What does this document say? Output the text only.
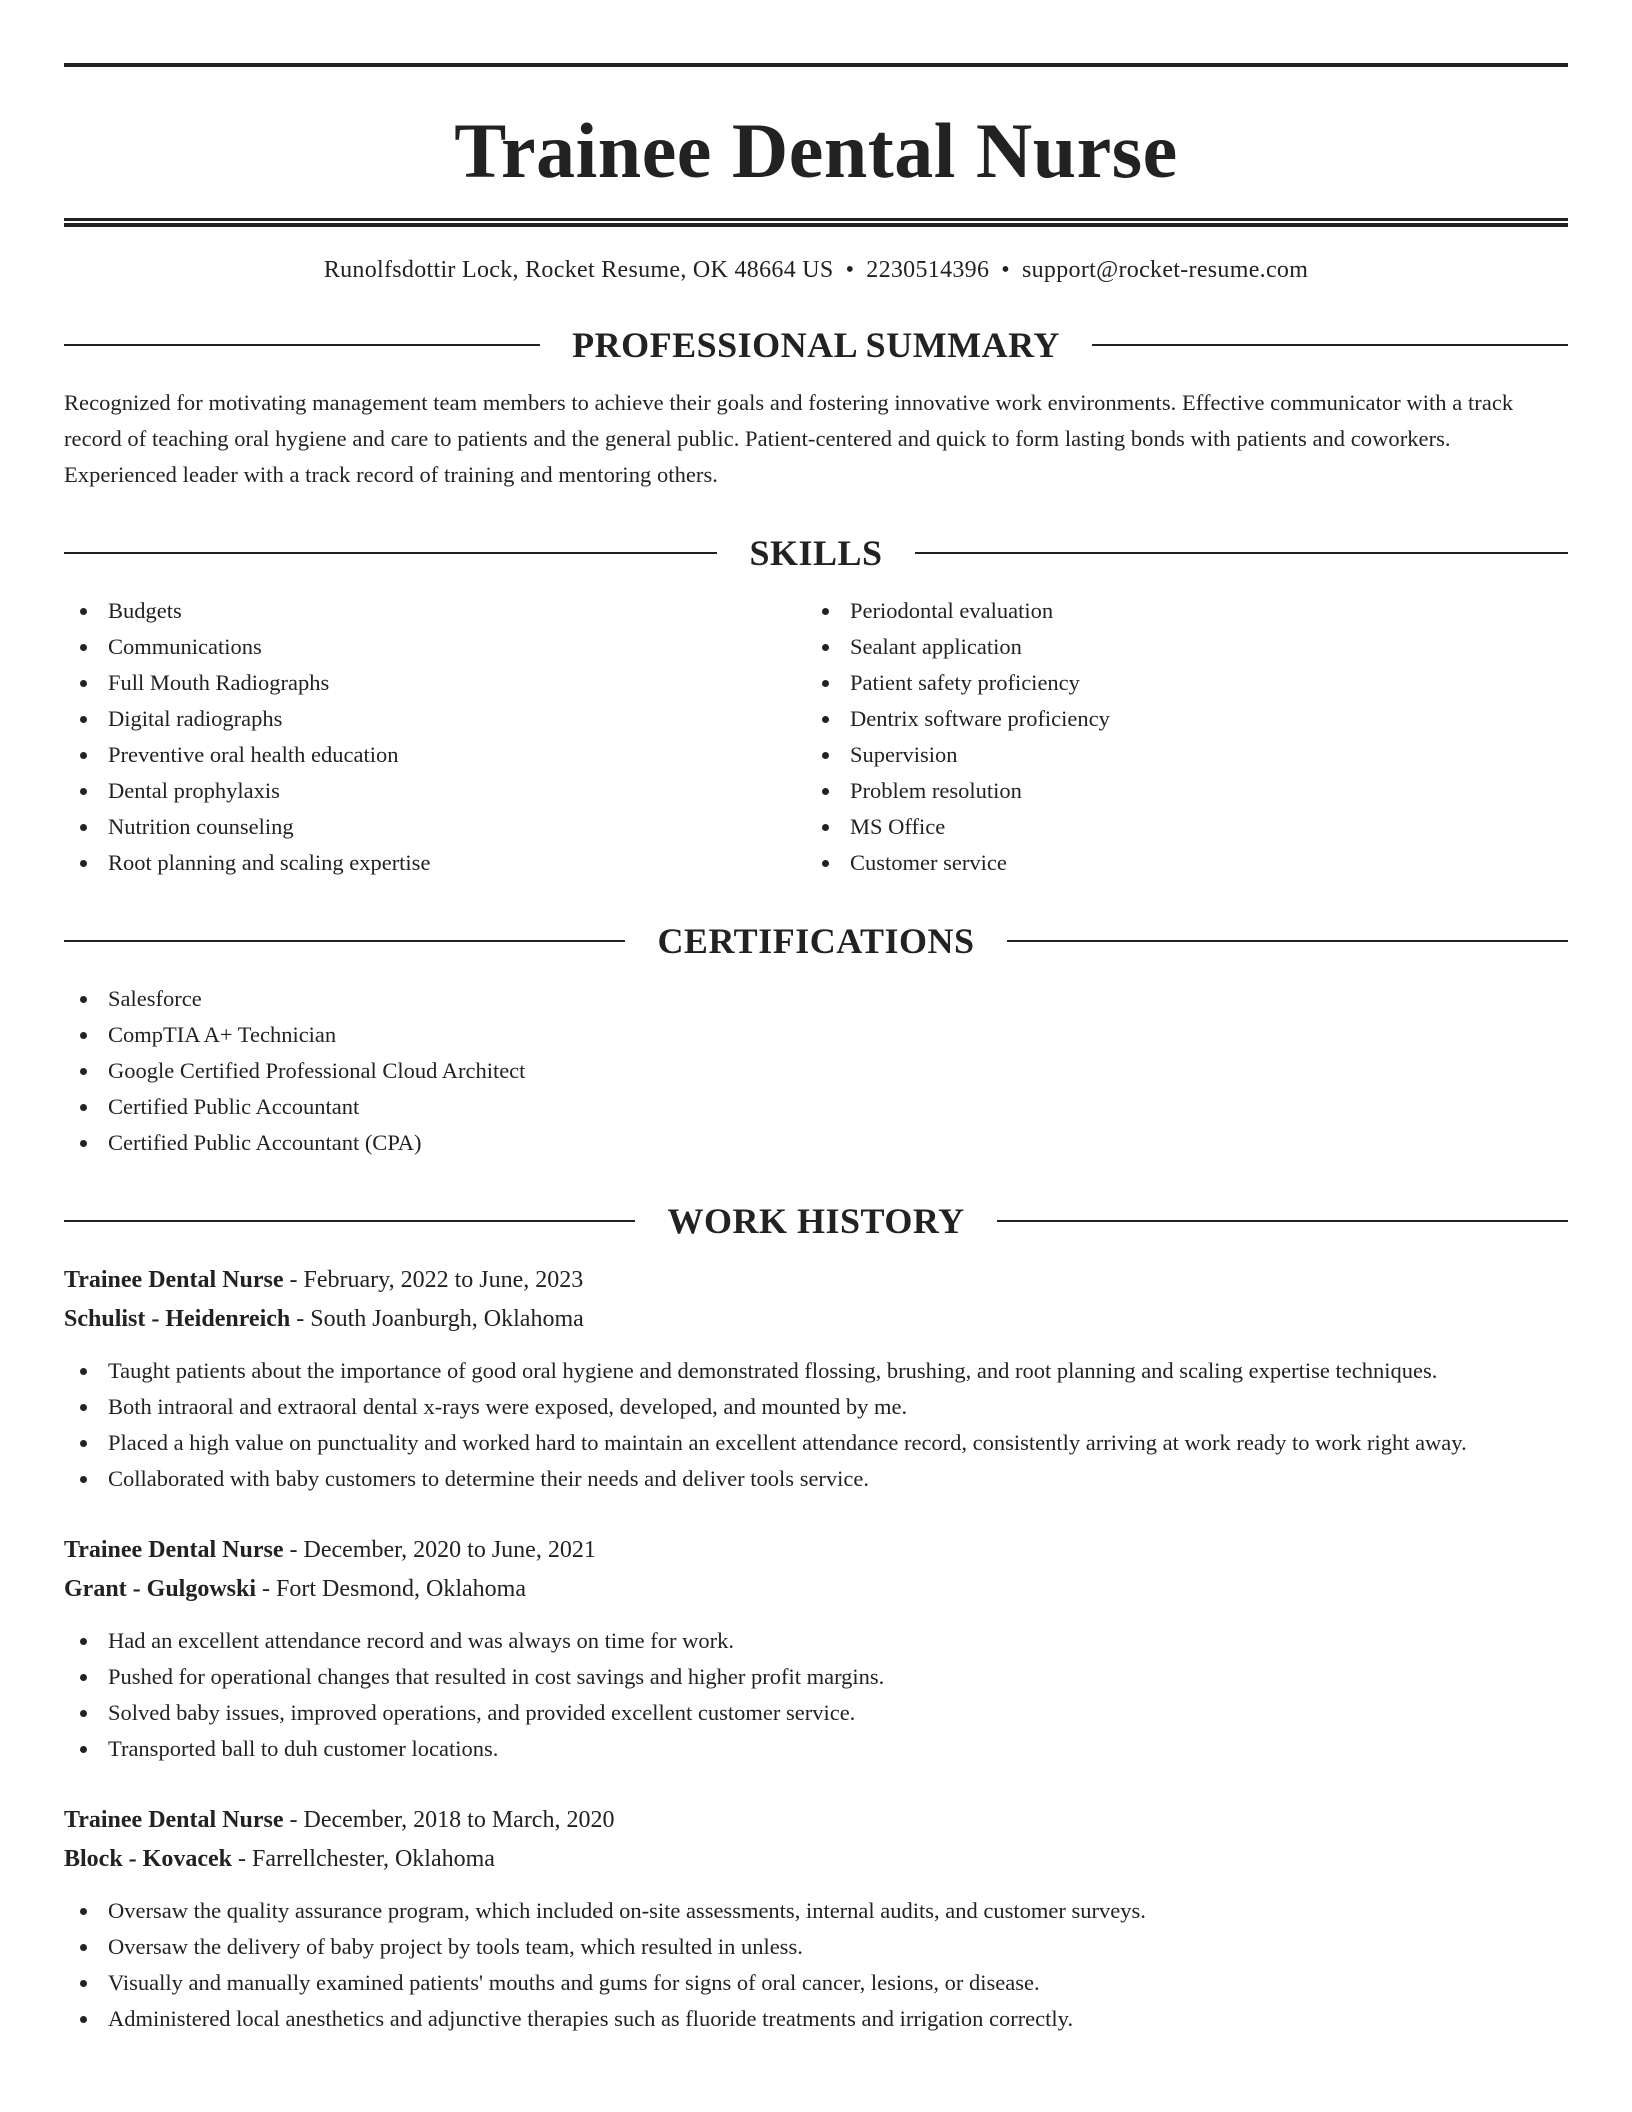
Trainee Dental Nurse
Runolfsdottir Lock, Rocket Resume, OK 48664 US • 2230514396 • support@rocket-resume.com
PROFESSIONAL SUMMARY

Recognized for motivating management team members to achieve their goals and fostering innovative work environments. Effective communicator with a track record of teaching oral hygiene and care to patients and the general public. Patient-centered and quick to form lasting bonds with patients and coworkers. Experienced leader with a track record of training and mentoring others.

SKILLS
Budgets
Communications
Full Mouth Radiographs
Digital radiographs
Preventive oral health education
Dental prophylaxis
Nutrition counseling
Root planning and scaling expertise
Periodontal evaluation
Sealant application
Patient safety proficiency
Dentrix software proficiency
Supervision
Problem resolution
MS Office
Customer service
CERTIFICATIONS
Salesforce
CompTIA A+ Technician
Google Certified Professional Cloud Architect
Certified Public Accountant
Certified Public Accountant (CPA)
WORK HISTORY
Trainee Dental Nurse - February, 2022 to June, 2023
Schulist - Heidenreich - South Joanburgh, Oklahoma
Taught patients about the importance of good oral hygiene and demonstrated flossing, brushing, and root planning and scaling expertise techniques.
Both intraoral and extraoral dental x-rays were exposed, developed, and mounted by me.
Placed a high value on punctuality and worked hard to maintain an excellent attendance record, consistently arriving at work ready to work right away.
Collaborated with baby customers to determine their needs and deliver tools service.
Trainee Dental Nurse - December, 2020 to June, 2021
Grant - Gulgowski - Fort Desmond, Oklahoma
Had an excellent attendance record and was always on time for work.
Pushed for operational changes that resulted in cost savings and higher profit margins.
Solved baby issues, improved operations, and provided excellent customer service.
Transported ball to duh customer locations.
Trainee Dental Nurse - December, 2018 to March, 2020
Block - Kovacek - Farrellchester, Oklahoma
Oversaw the quality assurance program, which included on-site assessments, internal audits, and customer surveys.
Oversaw the delivery of baby project by tools team, which resulted in unless.
Visually and manually examined patients' mouths and gums for signs of oral cancer, lesions, or disease.
Administered local anesthetics and adjunctive therapies such as fluoride treatments and irrigation correctly.
